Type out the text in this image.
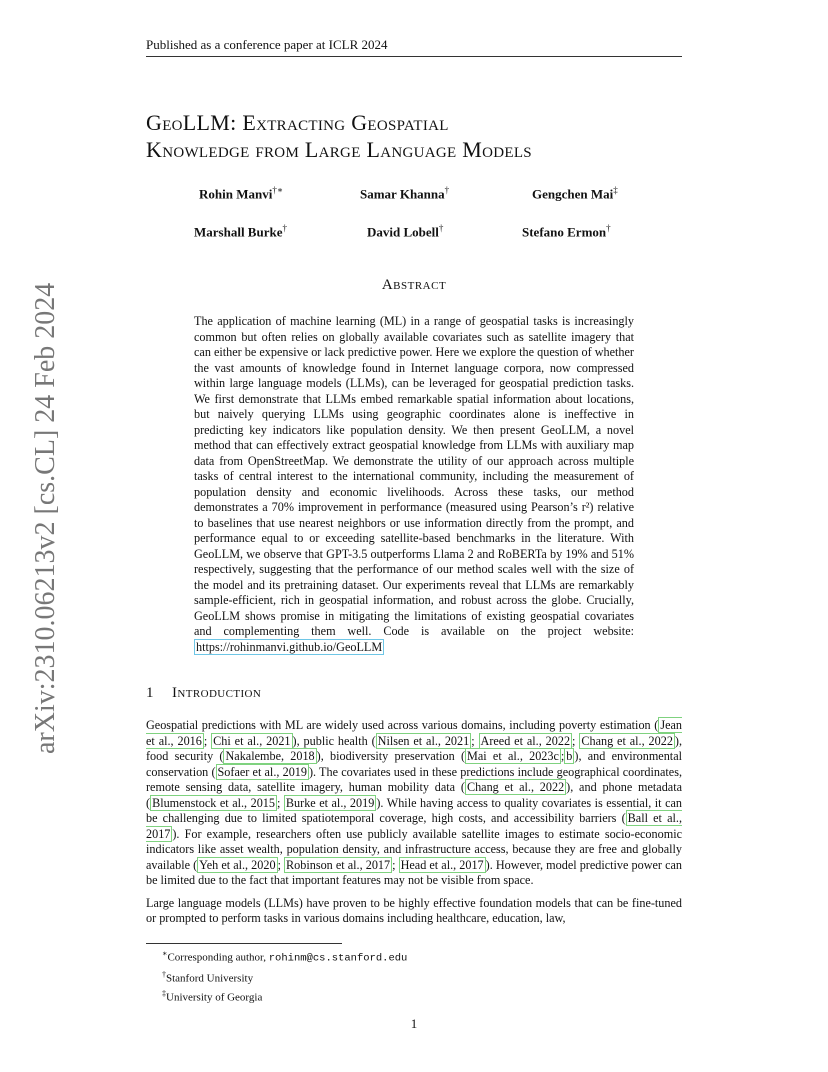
Published as a conference paper at ICLR 2024
arXiv:2310.06213v2 [cs.CL] 24 Feb 2024
GeoLLM: Extracting Geospatial
Knowledge from Large Language Models
Rohin Manvi†∗	Samar Khanna†	Gengchen Mai‡
Marshall Burke†	David Lobell†	Stefano Ermon†
Abstract
The application of machine learning (ML) in a range of geospatial tasks is increasingly common but often relies on globally available covariates such as satellite imagery that can either be expensive or lack predictive power. Here we explore the question of whether the vast amounts of knowledge found in Internet language corpora, now compressed within large language models (LLMs), can be leveraged for geospatial prediction tasks. We first demonstrate that LLMs embed remarkable spatial information about locations, but naively querying LLMs using geographic coordinates alone is ineffective in predicting key indicators like population density. We then present GeoLLM, a novel method that can effectively extract geospatial knowledge from LLMs with auxiliary map data from OpenStreetMap. We demonstrate the utility of our approach across multiple tasks of central interest to the international community, including the measurement of population density and economic livelihoods. Across these tasks, our method demonstrates a 70% improvement in performance (measured using Pearson’s r²) relative to baselines that use nearest neighbors or use information directly from the prompt, and performance equal to or exceeding satellite-based benchmarks in the literature. With GeoLLM, we observe that GPT-3.5 outperforms Llama 2 and RoBERTa by 19% and 51% respectively, suggesting that the performance of our method scales well with the size of the model and its pretraining dataset. Our experiments reveal that LLMs are remarkably sample-efficient, rich in geospatial information, and robust across the globe. Crucially, GeoLLM shows promise in mitigating the limitations of existing geospatial covariates and complementing them well. Code is available on the project website: https://rohinmanvi.github.io/GeoLLM
1 Introduction

Geospatial predictions with ML are widely used across various domains, including poverty estimation ( Jean et al., 2016 ; Chi et al., 2021 ), public health ( Nilsen et al., 2021 ; Areed et al., 2022 ; Chang et al., 2022 ), food security ( Nakalembe, 2018 ), biodiversity preservation ( Mai et al., 2023c ; b ), and environmental conservation ( Sofaer et al., 2019 ). The covariates used in these predictions include geographical coordinates, remote sensing data, satellite imagery, human mobility data ( Chang et al., 2022 ), and phone metadata ( Blumenstock et al., 2015 ; Burke et al., 2019 ). While having access to quality covariates is essential, it can be challenging due to limited spatiotemporal coverage, high costs, and accessibility barriers ( Ball et al., 2017 ). For example, researchers often use publicly available satellite images to estimate socio-economic indicators like asset wealth, population density, and infrastructure access, because they are free and globally available ( Yeh et al., 2020 ; Robinson et al., 2017 ; Head et al., 2017 ). However, model predictive power can be limited due to the fact that important features may not be visible from space.

Large language models (LLMs) have proven to be highly effective foundation models that can be fine-tuned or prompted to perform tasks in various domains including healthcare, education, law,

∗Corresponding author, rohinm@cs.stanford.edu
†Stanford University
‡University of Georgia
1
